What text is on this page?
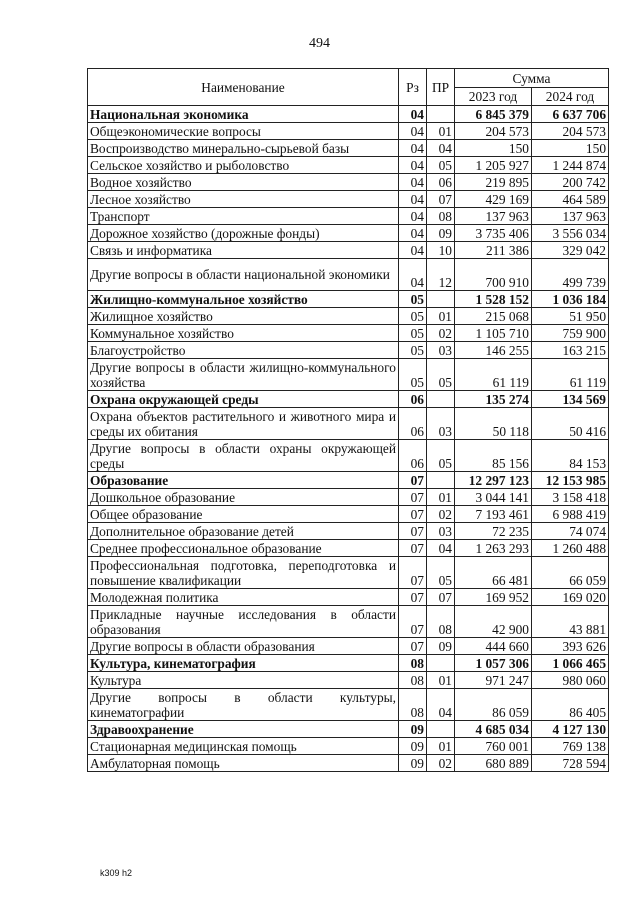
494
Наименование	Рз	ПР	Сумма	
			2023 год	2024 год
Национальная экономика	04		6 845 379	6 637 706
Общеэкономические вопросы	04	01	204 573	204 573
Воспроизводство минерально-сырьевой базы	04	04	150	150
Сельское хозяйство и рыболовство	04	05	1 205 927	1 244 874
Водное хозяйство	04	06	219 895	200 742
Лесное хозяйство	04	07	429 169	464 589
Транспорт	04	08	137 963	137 963
Дорожное хозяйство (дорожные фонды)	04	09	3 735 406	3 556 034
Связь и информатика	04	10	211 386	329 042
Другие вопросы в области национальной экономики	04	12	700 910	499 739
Жилищно-коммунальное хозяйство	05		1 528 152	1 036 184
Жилищное хозяйство	05	01	215 068	51 950
Коммунальное хозяйство	05	02	1 105 710	759 900
Благоустройство	05	03	146 255	163 215
Другие вопросы в области жилищно-коммунального хозяйства	05	05	61 119	61 119
Охрана окружающей среды	06		135 274	134 569
Охрана объектов растительного и животного мира и среды их обитания	06	03	50 118	50 416
Другие вопросы в области охраны окружающей среды	06	05	85 156	84 153
Образование	07		12 297 123	12 153 985
Дошкольное образование	07	01	3 044 141	3 158 418
Общее образование	07	02	7 193 461	6 988 419
Дополнительное образование детей	07	03	72 235	74 074
Среднее профессиональное образование	07	04	1 263 293	1 260 488
Профессиональная подготовка, переподготовка и повышение квалификации	07	05	66 481	66 059
Молодежная политика	07	07	169 952	169 020
Прикладные научные исследования в области образования	07	08	42 900	43 881
Другие вопросы в области образования	07	09	444 660	393 626
Культура, кинематография	08		1 057 306	1 066 465
Культура	08	01	971 247	980 060
Другие вопросы в области культуры, кинематографии	08	04	86 059	86 405
Здравоохранение	09		4 685 034	4 127 130
Стационарная медицинская помощь	09	01	760 001	769 138
Амбулаторная помощь	09	02	680 889	728 594
k309 h2
